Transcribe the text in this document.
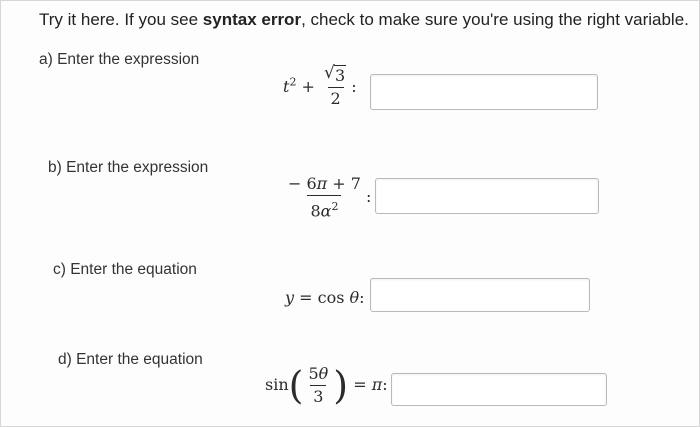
Try it here. If you see syntax error, check to make sure you're using the right variable.
a) Enter the expression
$t^2 + \frac{√ 3}{2}$ :
b) Enter the expression
$\frac{- 6\pi + 7}{8\alpha^2}$ :
c) Enter the equation
y = cos θ:
d) Enter the equation
$\sin( \frac{5\theta}{3}$ ) = π:
